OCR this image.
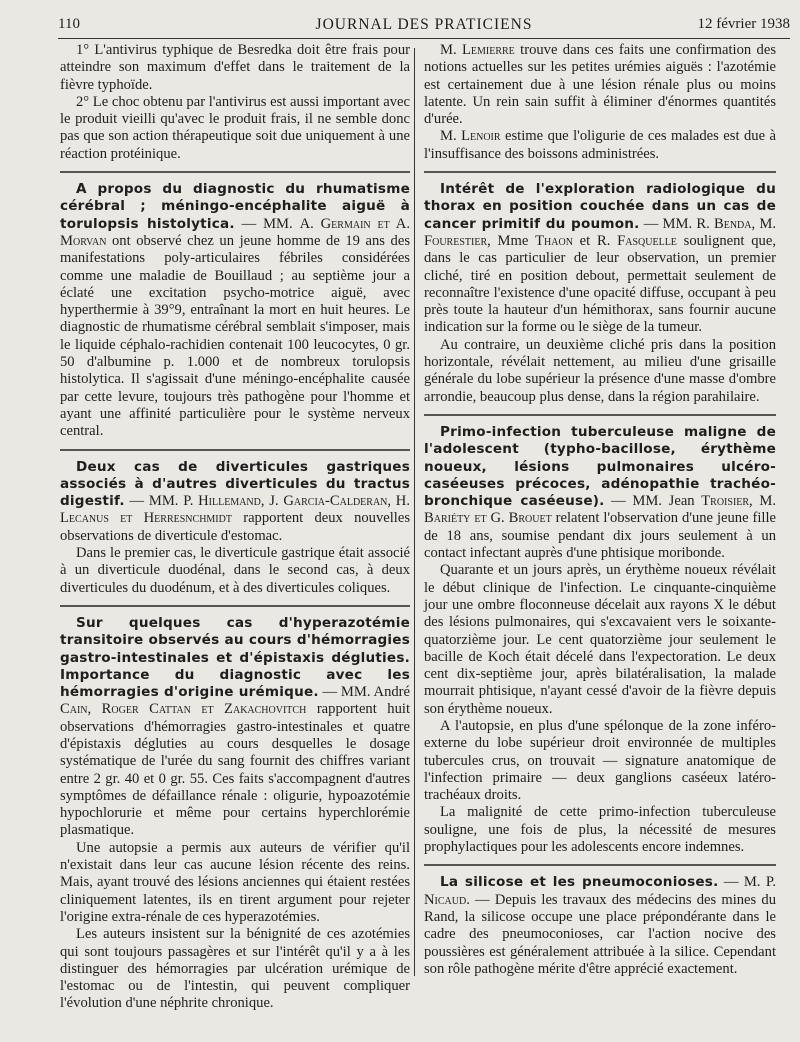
110	JOURNAL DES PRATICIENS	12 février 1938

1° L'antivirus typhique de Besredka doit être frais pour atteindre son maximum d'effet dans le traitement de la fièvre typhoïde.

2° Le choc obtenu par l'antivirus est aussi important avec le produit vieilli qu'avec le produit frais, il ne semble donc pas que son action thérapeutique soit due uniquement à une réaction protéinique.

A propos du diagnostic du rhumatisme cérébral ; méningo-encéphalite aiguë à torulopsis histolytica. — MM. A. Germain et A. Morvan ont observé chez un jeune homme de 19 ans des manifestations poly-articulaires fébriles considérées comme une maladie de Bouillaud ; au septième jour a éclaté une excitation psycho-motrice aiguë, avec hyperthermie à 39°9, entraînant la mort en huit heures. Le diagnostic de rhumatisme cérébral semblait s'imposer, mais le liquide céphalo-rachidien contenait 100 leucocytes, 0 gr. 50 d'albumine p. 1.000 et de nombreux torulopsis histolytica. Il s'agissait d'une méningo-encéphalite causée par cette levure, toujours très pathogène pour l'homme et ayant une affinité particulière pour le système nerveux central.

Deux cas de diverticules gastriques associés à d'autres diverticules du tractus digestif. — MM. P. Hillemand, J. Garcia-Calderan, H. Lecanus et Herresnchmidt rapportent deux nouvelles observations de diverticule d'estomac.

Dans le premier cas, le diverticule gastrique était associé à un diverticule duodénal, dans le second cas, à deux diverticules du duodénum, et à des diverticules coliques.

Sur quelques cas d'hyperazotémie transitoire observés au cours d'hémorragies gastro-intestinales et d'épistaxis dégluties. Importance du diagnostic avec les hémorragies d'origine urémique. — MM. André Cain, Roger Cattan et Zakachovitch rapportent huit observations d'hémorragies gastro-intestinales et quatre d'épistaxis dégluties au cours desquelles le dosage systématique de l'urée du sang fournit des chiffres variant entre 2 gr. 40 et 0 gr. 55. Ces faits s'accompagnent d'autres symptômes de défaillance rénale : oligurie, hypoazotémie hypochlorurie et même pour certains hyperchlorémie plasmatique.

Une autopsie a permis aux auteurs de vérifier qu'il n'existait dans leur cas aucune lésion récente des reins. Mais, ayant trouvé des lésions anciennes qui étaient restées cliniquement latentes, ils en tirent argument pour rejeter l'origine extra-rénale de ces hyperazotémies.

Les auteurs insistent sur la bénignité de ces azotémies qui sont toujours passagères et sur l'intérêt qu'il y a à les distinguer des hémorragies par ulcération urémique de l'estomac ou de l'intestin, qui peuvent compliquer l'évolution d'une néphrite chronique.

M. Lemierre trouve dans ces faits une confirmation des notions actuelles sur les petites urémies aiguës : l'azotémie est certainement due à une lésion rénale plus ou moins latente. Un rein sain suffit à éliminer d'énormes quantités d'urée.

M. Lenoir estime que l'oligurie de ces malades est due à l'insuffisance des boissons administrées.

Intérêt de l'exploration radiologique du thorax en position couchée dans un cas de cancer primitif du poumon. — MM. R. Benda, M. Fourestier, Mme Thaon et R. Fasquelle soulignent que, dans le cas particulier de leur observation, un premier cliché, tiré en position debout, permettait seulement de reconnaître l'existence d'une opacité diffuse, occupant à peu près toute la hauteur d'un hémithorax, sans fournir aucune indication sur la forme ou le siège de la tumeur.

Au contraire, un deuxième cliché pris dans la position horizontale, révélait nettement, au milieu d'une grisaille générale du lobe supérieur la présence d'une masse d'ombre arrondie, beaucoup plus dense, dans la région parahilaire.

Primo-infection tuberculeuse maligne de l'adolescent (typho-bacillose, érythème noueux, lésions pulmonaires ulcéro-caséeuses précoces, adénopathie trachéo-bronchique caséeuse). — MM. Jean Troisier, M. Bariéty et G. Brouet relatent l'observation d'une jeune fille de 18 ans, soumise pendant dix jours seulement à un contact infectant auprès d'une phtisique moribonde.

Quarante et un jours après, un érythème noueux révélait le début clinique de l'infection. Le cinquante-cinquième jour une ombre floconneuse décelait aux rayons X le début des lésions pulmonaires, qui s'excavaient vers le soixante-quatorzième jour. Le cent quatorzième jour seulement le bacille de Koch était décelé dans l'expectoration. Le deux cent dix-septième jour, après bilatéralisation, la malade mourrait phtisique, n'ayant cessé d'avoir de la fièvre depuis son érythème noueux.

A l'autopsie, en plus d'une spélonque de la zone inféro-externe du lobe supérieur droit environnée de multiples tubercules crus, on trouvait — signature anatomique de l'infection primaire — deux ganglions caséeux latéro-trachéaux droits.

La malignité de cette primo-infection tuberculeuse souligne, une fois de plus, la nécessité de mesures prophylactiques pour les adolescents encore indemnes.

La silicose et les pneumoconioses. — M. P. Nicaud. — Depuis les travaux des médecins des mines du Rand, la silicose occupe une place prépondérante dans le cadre des pneumoconioses, car l'action nocive des poussières est généralement attribuée à la silice. Cependant son rôle pathogène mérite d'être apprécié exactement.
